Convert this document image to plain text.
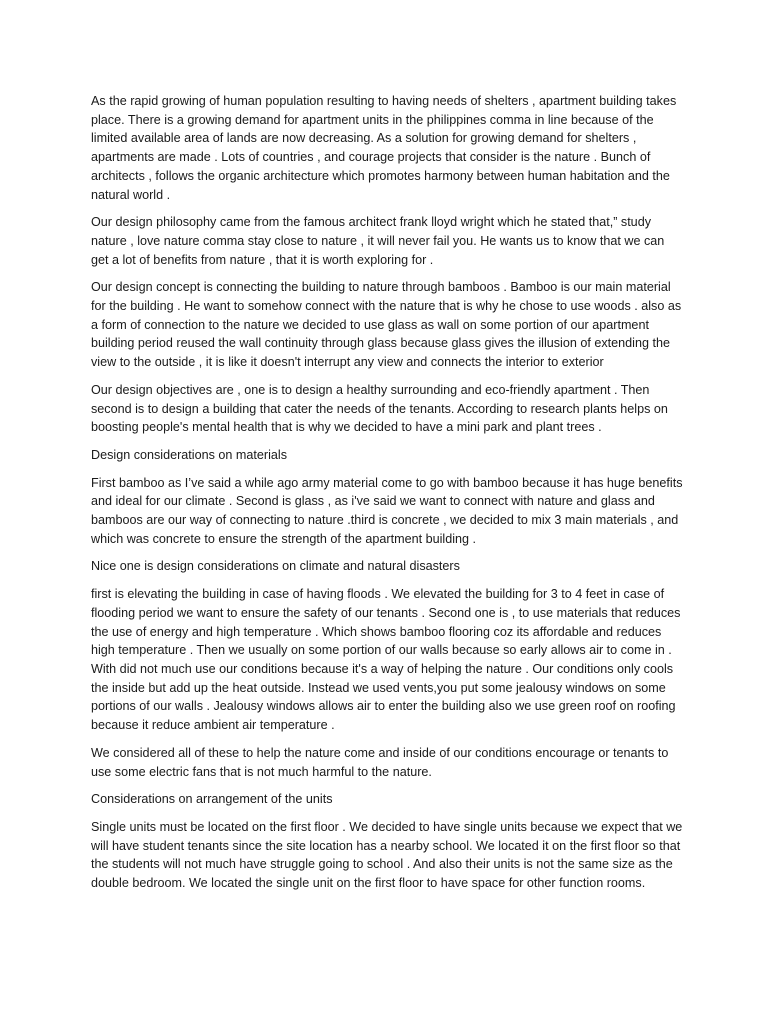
As the rapid growing of human population resulting to having needs of shelters , apartment building takes place. There is a growing demand for apartment units in the philippines comma in line because of the limited available area of lands are now decreasing. As a solution for growing demand for shelters , apartments are made . Lots of countries , and courage projects that consider is the nature . Bunch of architects , follows the organic architecture which promotes harmony between human habitation and the natural world .

Our design philosophy came from the famous architect frank lloyd wright which he stated that,” study nature , love nature comma stay close to nature , it will never fail you. He wants us to know that we can get a lot of benefits from nature , that it is worth exploring for .

Our design concept is connecting the building to nature through bamboos . Bamboo is our main material for the building . He want to somehow connect with the nature that is why he chose to use woods . also as a form of connection to the nature we decided to use glass as wall on some portion of our apartment building period reused the wall continuity through glass because glass gives the illusion of extending the view to the outside , it is like it doesn't interrupt any view and connects the interior to exterior

Our design objectives are , one is to design a healthy surrounding and eco-friendly apartment . Then second is to design a building that cater the needs of the tenants. According to research plants helps on boosting people's mental health that is why we decided to have a mini park and plant trees .

Design considerations on materials

First bamboo as I’ve said a while ago army material come to go with bamboo because it has huge benefits and ideal for our climate . Second is glass , as i've said we want to connect with nature and glass and bamboos are our way of connecting to nature .third is concrete , we decided to mix 3 main materials , and which was concrete to ensure the strength of the apartment building .

Nice one is design considerations on climate and natural disasters

first is elevating the building in case of having floods . We elevated the building for 3 to 4 feet in case of flooding period we want to ensure the safety of our tenants . Second one is , to use materials that reduces the use of energy and high temperature . Which shows bamboo flooring coz its affordable and reduces high temperature . Then we usually on some portion of our walls because so early allows air to come in . With did not much use our conditions because it's a way of helping the nature . Our conditions only cools the inside but add up the heat outside. Instead we used vents,you put some jealousy windows on some portions of our walls . Jealousy windows allows air to enter the building also we use green roof on roofing because it reduce ambient air temperature .

We considered all of these to help the nature come and inside of our conditions encourage or tenants to use some electric fans that is not much harmful to the nature.

Considerations on arrangement of the units

Single units must be located on the first floor . We decided to have single units because we expect that we will have student tenants since the site location has a nearby school. We located it on the first floor so that the students will not much have struggle going to school . And also their units is not the same size as the double bedroom. We located the single unit on the first floor to have space for other function rooms.
